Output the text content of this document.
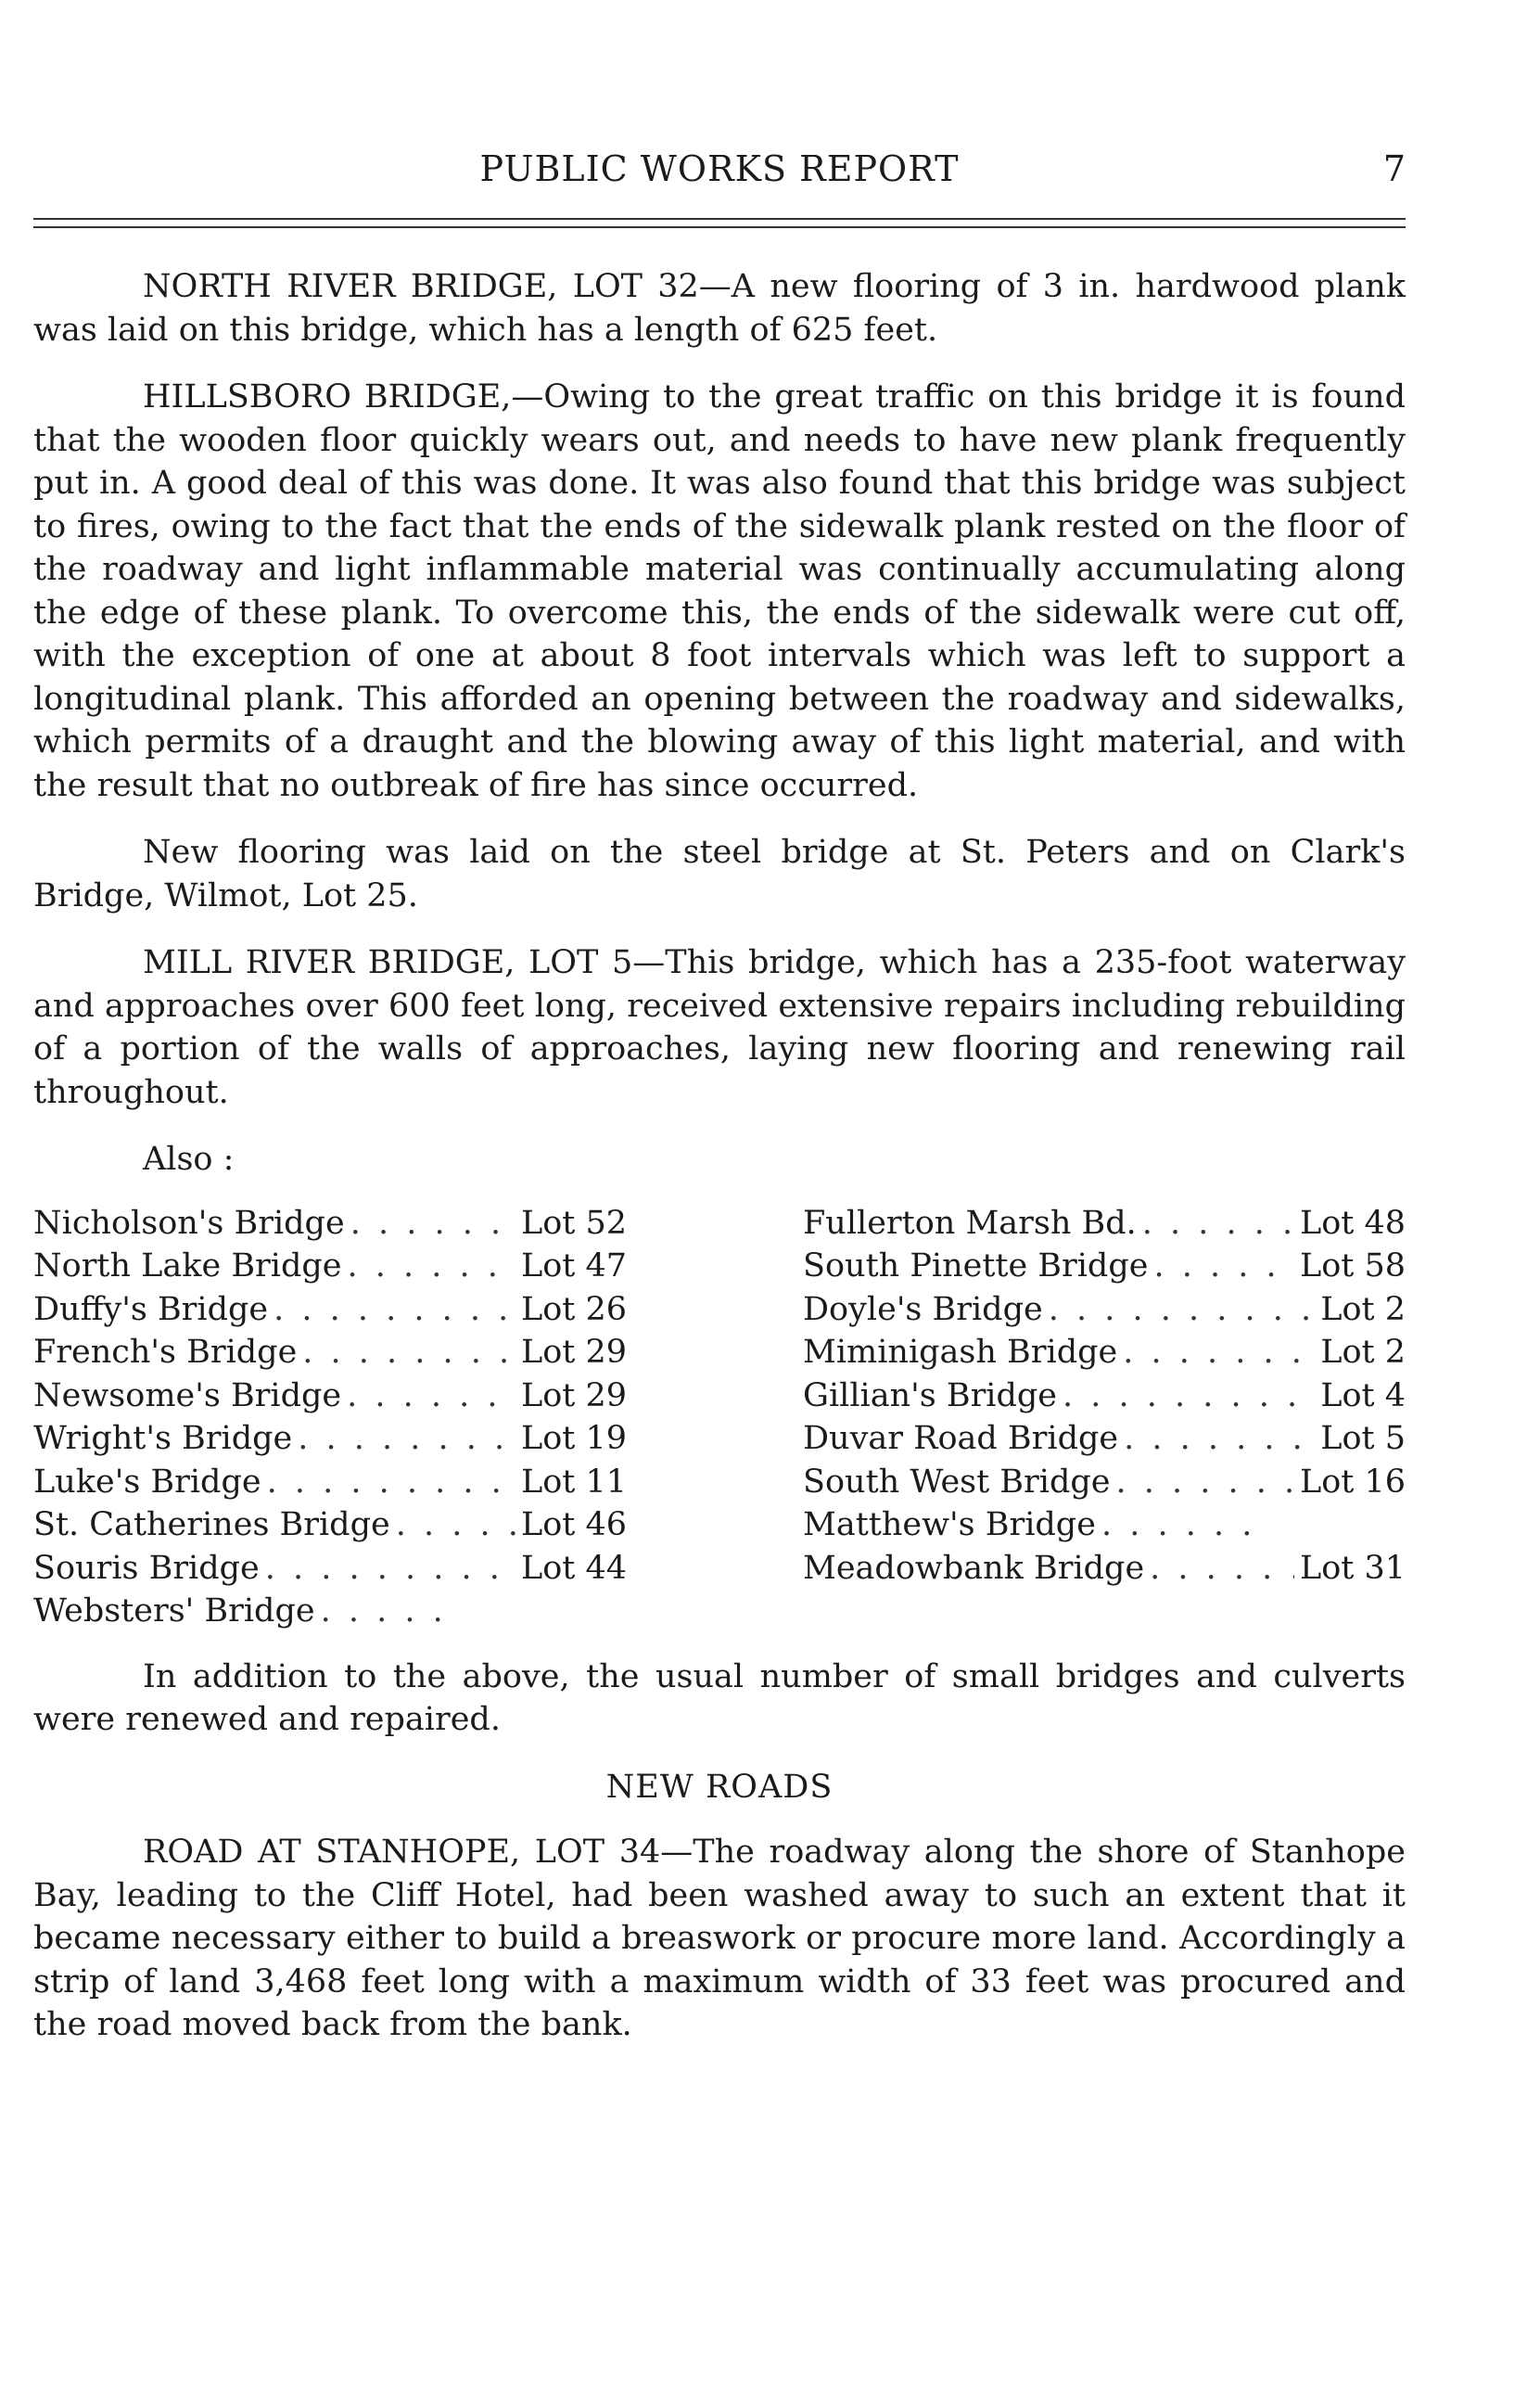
PUBLIC WORKS REPORT	7

NORTH RIVER BRIDGE, LOT 32—A new flooring of 3 in. hardwood plank was laid on this bridge, which has a length of 625 feet.

HILLSBORO BRIDGE,—Owing to the great traffic on this bridge it is found that the wooden floor quickly wears out, and needs to have new plank frequently put in. A good deal of this was done. It was also found that this bridge was subject to fires, owing to the fact that the ends of the sidewalk plank rested on the floor of the roadway and light inflammable material was continually accumulating along the edge of these plank. To overcome this, the ends of the sidewalk were cut off, with the exception of one at about 8 foot intervals which was left to support a longitudinal plank. This afforded an opening between the roadway and sidewalks, which permits of a draught and the blowing away of this light material, and with the result that no outbreak of fire has since occurred.

New flooring was laid on the steel bridge at St. Peters and on Clark's Bridge, Wilmot, Lot 25.

MILL RIVER BRIDGE, LOT 5—This bridge, which has a 235-foot waterway and approaches over 600 feet long, received extensive repairs including rebuilding of a portion of the walls of approaches, laying new flooring and renewing rail throughout.

Also :

Nicholson's Bridge . . .	Lot 52
North Lake Bridge . . .	Lot 47
Duffy's Bridge . . .	Lot 26
French's Bridge . . .	Lot 29
Newsome's Bridge . . .	Lot 29
Wright's Bridge . . .	Lot 19
Luke's Bridge . . .	Lot 11
St. Catherines Bridge . . .	Lot 46
Souris Bridge . . .	Lot 44
Websters' Bridge
. . .
Fullerton Marsh Bd. . . .	Lot 48
South Pinette Bridge . . .	Lot 58
Doyle's Bridge . . .	Lot 2
Miminigash Bridge . . .	Lot 2
Gillian's Bridge . . .	Lot 4
Duvar Road Bridge . . .	Lot 5
South West Bridge . . .	Lot 16
Matthew's Bridge
. . .
Meadowbank Bridge . . .	Lot 31

In addition to the above, the usual number of small bridges and culverts were renewed and repaired.

NEW ROADS

ROAD AT STANHOPE, LOT 34—The roadway along the shore of Stanhope Bay, leading to the Cliff Hotel, had been washed away to such an extent that it became necessary either to build a breaswork or procure more land. Accordingly a strip of land 3,468 feet long with a maximum width of 33 feet was procured and the road moved back from the bank.
